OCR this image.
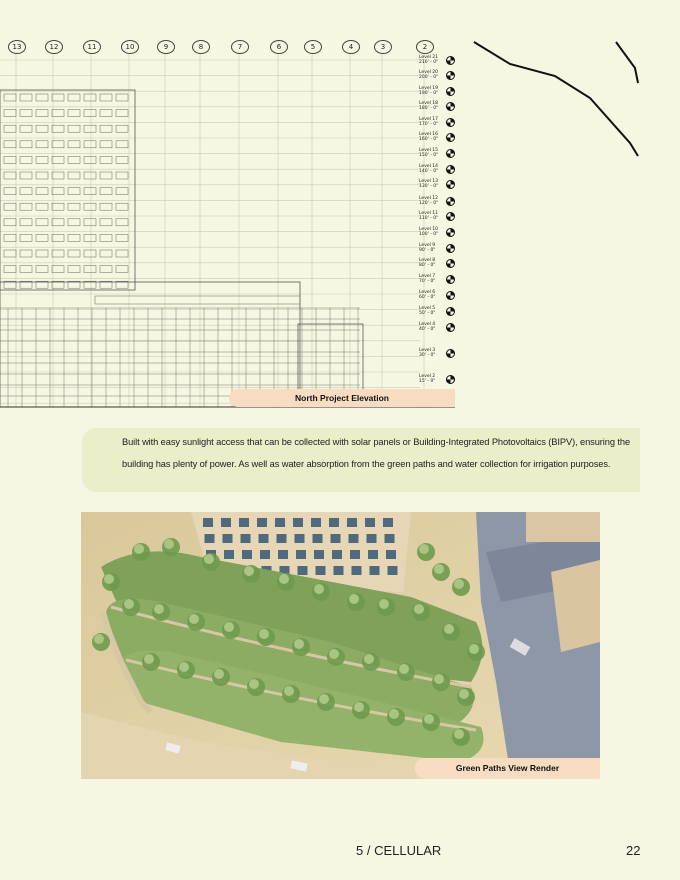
13	12	11	10	9	8	7	6	5	4	3	2
Level 21
210' - 0"
Level 20
200' - 0"
Level 19
190' - 0"
Level 18
180' - 0"
Level 17
170' - 0"
Level 16
160' - 0"
Level 15
150' - 0"
Level 14
140' - 0"
Level 13
130' - 0"
Level 12
120' - 0"
Level 11
110' - 0"
Level 10
100' - 0"
Level 9
90' - 0"
Level 8
80' - 0"
Level 7
70' - 0"
Level 6
60' - 0"
Level 5
50' - 0"
Level 4
40' - 0"
Level 3
30' - 0"
Level 2
15' - 0"
North Project Elevation
Built with easy sunlight access that can be collected with solar panels or Building-Integrated Photovoltaics (BIPV), ensuring the building has plenty of power. As well as water absorption from the green paths and water collection for irrigation purposes.
Green Paths View Render
5 / CELLULAR	22
